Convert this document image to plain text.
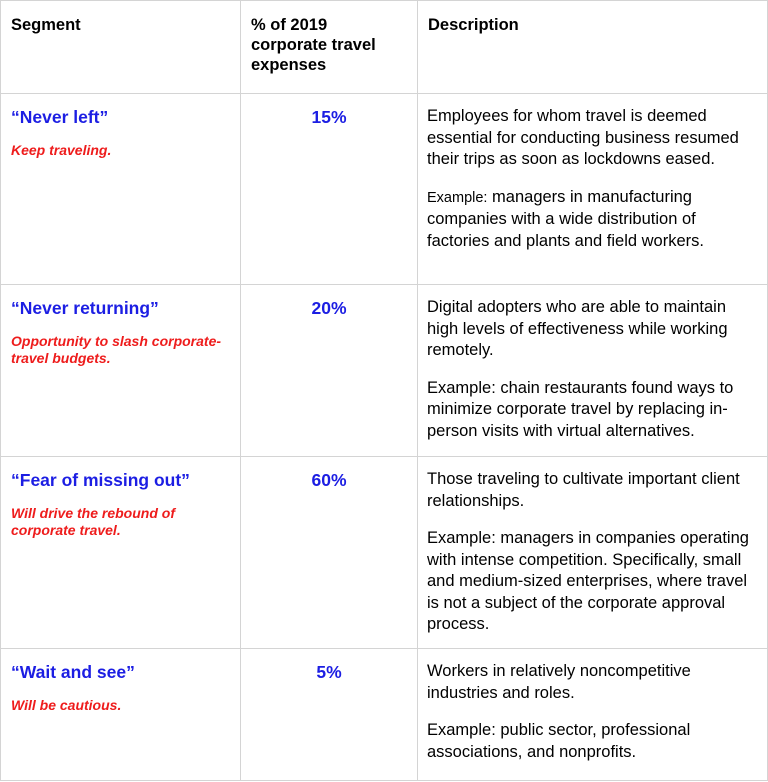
Segment	% of 2019 corporate travel expenses	Description

“Never left”
Keep traveling.	15%	Employees for whom travel is deemed essential for conducting business resumed their trips as soon as lockdowns eased.
Example: managers in manufacturing companies with a wide distribution of factories and plants and field workers.

“Never returning”
Opportunity to slash corporate-travel budgets.	20%	Digital adopters who are able to maintain high levels of effectiveness while working remotely.
Example: chain restaurants found ways to minimize corporate travel by replacing in-person visits with virtual alternatives.

“Fear of missing out”
Will drive the rebound of corporate travel.	60%	Those traveling to cultivate important client relationships.
Example: managers in companies operating with intense competition. Specifically, small and medium-sized enterprises, where travel is not a subject of the corporate approval process.

“Wait and see”
Will be cautious.	5%	Workers in relatively noncompetitive industries and roles.
Example: public sector, professional associations, and nonprofits.
